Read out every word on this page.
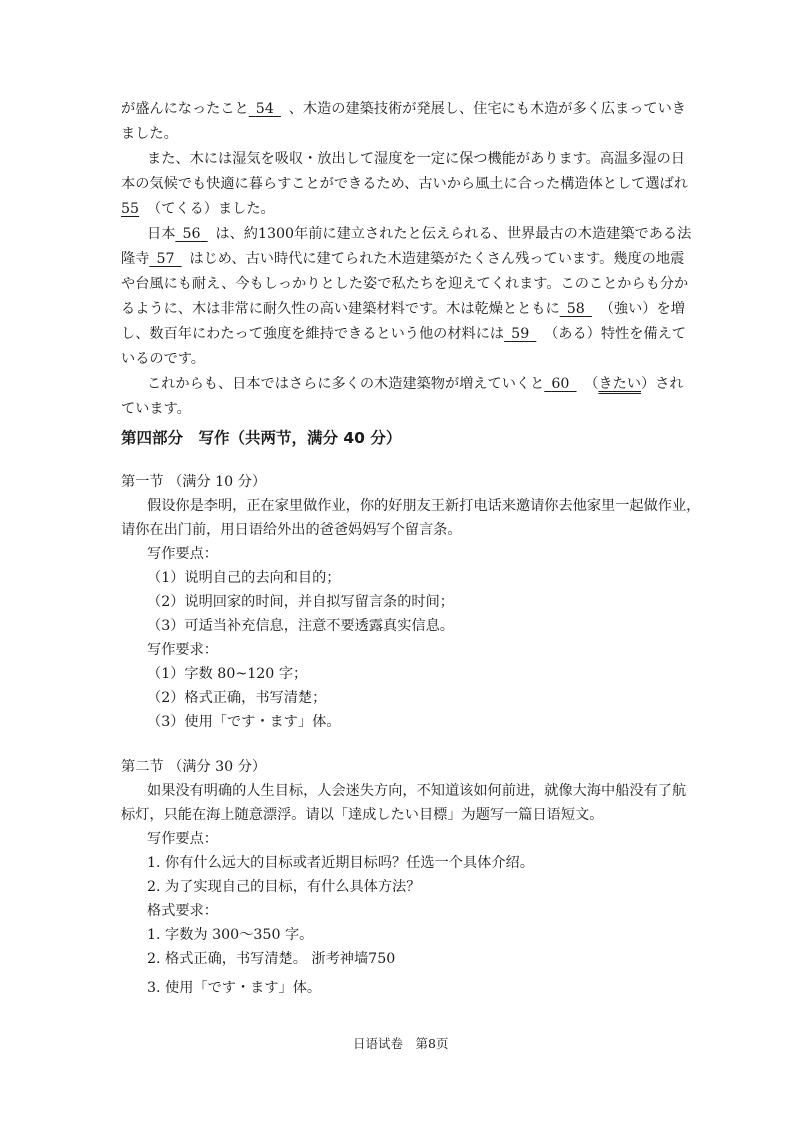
が盛んになったこと  54  、木造の建築技術が発展し、住宅にも木造が多く広まっていき
ました。
また、木には湿気を吸収・放出して湿度を一定に保つ機能があります。高温多湿の日
本の気候でも快適に暮らすことができるため、古いから風土に合った構造体として選ばれ
55 （てくる）ました。
日本  56  は、約1300年前に建立されたと伝えられる、世界最古の木造建築である法
隆寺  57  はじめ、古い時代に建てられた木造建築がたくさん残っています。幾度の地震
や台風にも耐え、今もしっかりとした姿で私たちを迎えてくれます。このことからも分か
るように、木は非常に耐久性の高い建築材料です。木は乾燥とともに  58  （強い）を増
し、数百年にわたって強度を維持できるという他の材料には  59  （ある）特性を備えて
いるのです。
これからも、日本ではさらに多くの木造建築物が増えていくと  60  （きたい）され
ています。
第四部分　写作（共两节，满分 40 分）
第一节 （满分 10 分）
假设你是李明，正在家里做作业，你的好朋友王新打电话来邀请你去他家里一起做作业，
请你在出门前，用日语给外出的爸爸妈妈写个留言条。
写作要点：
（1）说明自己的去向和目的；
（2）说明回家的时间，并自拟写留言条的时间；
（3）可适当补充信息，注意不要透露真实信息。
写作要求：
（1）字数 80~120 字；
（2）格式正确，书写清楚；
（3）使用「です・ます」体。
第二节 （满分 30 分）
如果没有明确的人生目标，人会迷失方向，不知道该如何前进，就像大海中船没有了航
标灯，只能在海上随意漂浮。请以「達成したい目標」为题写一篇日语短文。
写作要点：
1. 你有什么远大的目标或者近期目标吗？任选一个具体介绍。
2. 为了实现自己的目标，有什么具体方法？
格式要求：
1. 字数为 300～350 字。
2. 格式正确，书写清楚。 浙考神墙750
3. 使用「です・ます」体。
日语试卷　第8页
